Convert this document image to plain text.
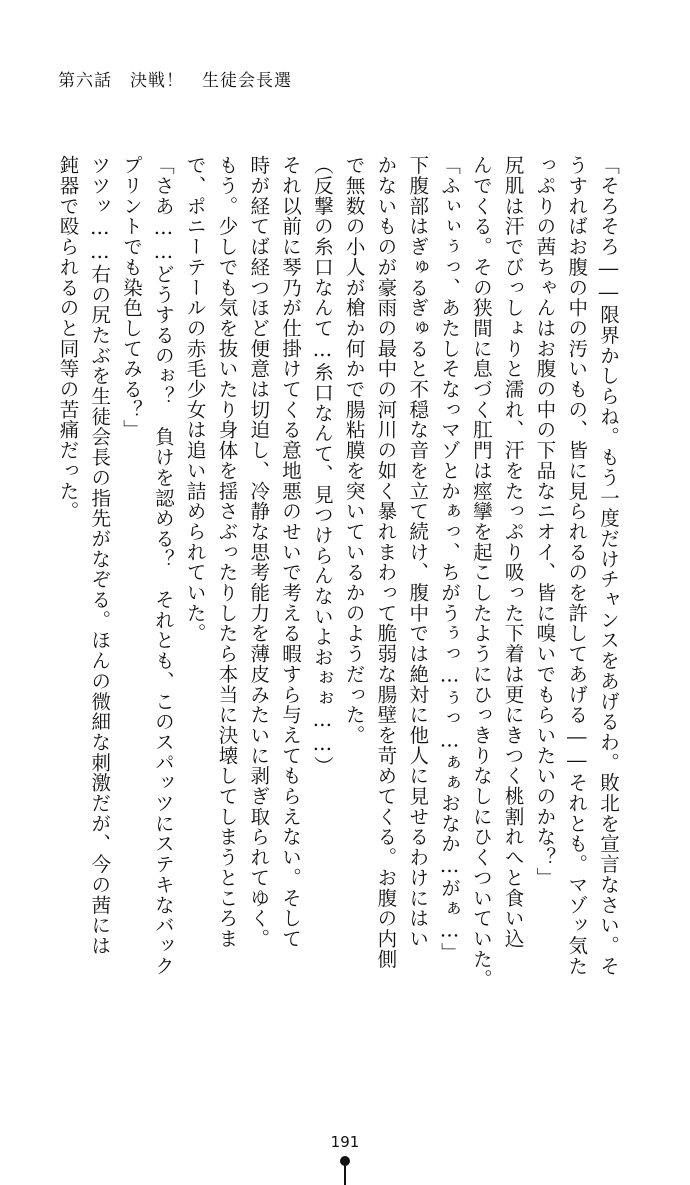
第六話　決戦！　生徒会長選
「そろそろ――限界かしらね。もう一度だけチャンスをあげるわ。敗北を宣言なさい。そ
うすればお腹の中の汚いもの、皆に見られるのを許してあげる――それとも。マゾッ気た
っぷりの茜ちゃんはお腹の中の下品なニオイ、皆に嗅いでもらいたいのかな？」
尻肌は汗でびっしょりと濡れ、汗をたっぷり吸った下着は更にきつく桃割れへと食い込
んでくる。その狭間に息づく肛門は痙攣を起こしたようにひっきりなしにひくついていた。
「ふぃぃぅっ、あたしそなっマゾとかぁっ、ちがうぅっ…ぅっ…ぁぁおなか…がぁ…」
下腹部はぎゅるぎゅると不穏な音を立て続け、腹中では絶対に他人に見せるわけにはい
かないものが豪雨の最中の河川の如く暴れまわって脆弱な腸壁を苛めてくる。お腹の内側
で無数の小人が槍か何かで腸粘膜を突いているかのようだった。
（反撃の糸口なんて…糸口なんて、見つけらんないよおぉぉ……）
それ以前に琴乃が仕掛けてくる意地悪のせいで考える暇すら与えてもらえない。そして
時が経てば経つほど便意は切迫し、冷静な思考能力を薄皮みたいに剥ぎ取られてゆく。
もう。少しでも気を抜いたり身体を揺さぶったりしたら本当に決壊してしまうところま
で、ポニーテールの赤毛少女は追い詰められていた。
「さあ……どうするのぉ？　負けを認める？　それとも、このスパッツにステキなバック
プリントでも染色してみる？」
ツツッ……右の尻たぶを生徒会長の指先がなぞる。ほんの微細な刺激だが、今の茜には
鈍器で殴られるのと同等の苦痛だった。
191
